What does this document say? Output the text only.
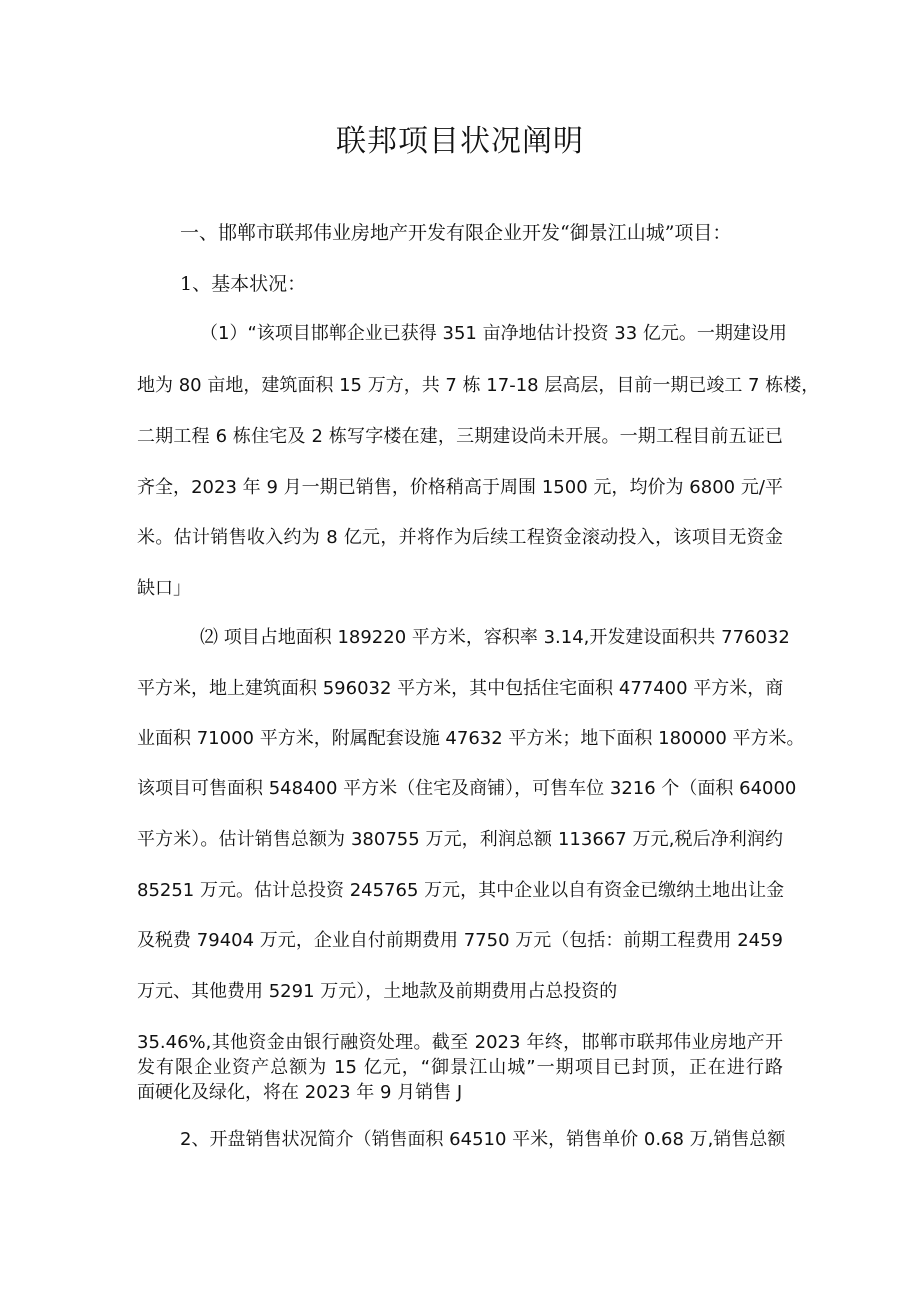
联邦项目状况阐明
一、邯郸市联邦伟业房地产开发有限企业开发“御景江山城”项目：
1、基本状况：
（1）“该项目邯郸企业已获得 351 亩净地估计投资 33 亿元。一期建设用
地为 80 亩地，建筑面积 15 万方，共 7 栋 17-18 层高层，目前一期已竣工 7 栋楼，
二期工程 6 栋住宅及 2 栋写字楼在建，三期建设尚未开展。一期工程目前五证已
齐全，2023 年 9 月一期已销售，价格稍高于周围 1500 元，均价为 6800 元/平
米。估计销售收入约为 8 亿元，并将作为后续工程资金滚动投入，该项目无资金
缺口」
⑵ 项目占地面积 189220 平方米，容积率 3.14,开发建设面积共 776032
平方米，地上建筑面积 596032 平方米，其中包括住宅面积 477400 平方米，商
业面积 71000 平方米，附属配套设施 47632 平方米；地下面积 180000 平方米。
该项目可售面积 548400 平方米（住宅及商铺），可售车位 3216 个（面积 64000
平方米）。估计销售总额为 380755 万元，利润总额 113667 万元,税后净利润约
85251 万元。估计总投资 245765 万元，其中企业以自有资金已缴纳土地出让金
及税费 79404 万元，企业自付前期费用 7750 万元（包括：前期工程费用 2459
万元、其他费用 5291 万元），土地款及前期费用占总投资的
35.46%,其他资金由银行融资处理。截至 2023 年终，邯郸市联邦伟业房地产开
发有限企业资产总额为 15 亿元，“御景江山城”一期项目已封顶，正在进行路
面硬化及绿化，将在 2023 年 9 月销售 J
2、开盘销售状况简介（销售面积 64510 平米，销售单价 0.68 万,销售总额
